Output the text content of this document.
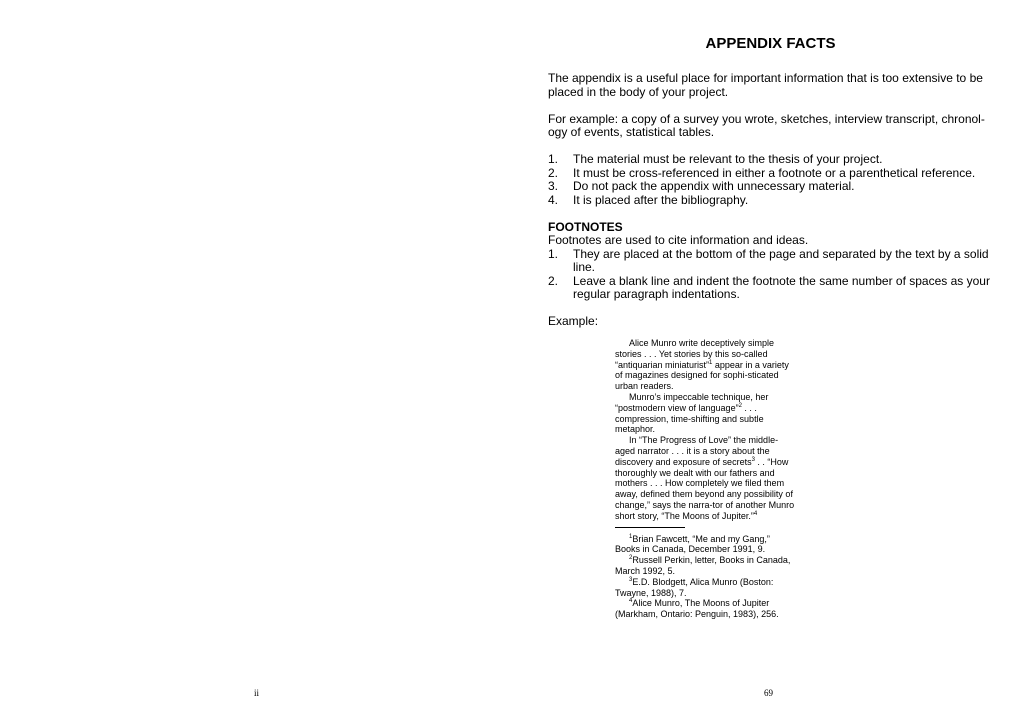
APPENDIX FACTS

The appendix is a useful place for important information that is too extensive to be placed in the body of your project.

For example: a copy of a survey you wrote, sketches, interview transcript, chronol-ogy of events, statistical tables.

1.	The material must be relevant to the thesis of your project.
2.	It must be cross-referenced in either a footnote or a parenthetical reference.
3.	Do not pack the appendix with unnecessary material.
4.	It is placed after the bibliography.
FOOTNOTES
Footnotes are used to cite information and ideas.
1.	They are placed at the bottom of the page and separated by the text by a solid line.
2.	Leave a blank line and indent the footnote the same number of spaces as your regular paragraph indentations.

Example:

Alice Munro write deceptively simple stories . . . Yet stories by this so-called “antiquarian miniaturist”$^1$ appear in a variety of magazines designed for sophi-sticated urban readers.

Munro’s impeccable technique, her “postmodern view of language”$^2$ . . . compression, time-shifting and subtle metaphor.

In “The Progress of Love” the middle-aged narrator . . . it is a story about the discovery and exposure of secrets$^3$ . . “How thoroughly we dealt with our fathers and mothers . . . How completely we filed them away, defined them beyond any possibility of change,” says the narra-tor of another Munro short story, “The Moons of Jupiter.”$^4$

$^1$Brian Fawcett, “Me and my Gang,” Books in Canada, December 1991, 9.

$^2$Russell Perkin, letter, Books in Canada, March 1992, 5.

$^3$E.D. Blodgett, Alica Munro (Boston: Twayne, 1988), 7.

$^4$Alice Munro, The Moons of Jupiter (Markham, Ontario: Penguin, 1983), 256.

ii	69
